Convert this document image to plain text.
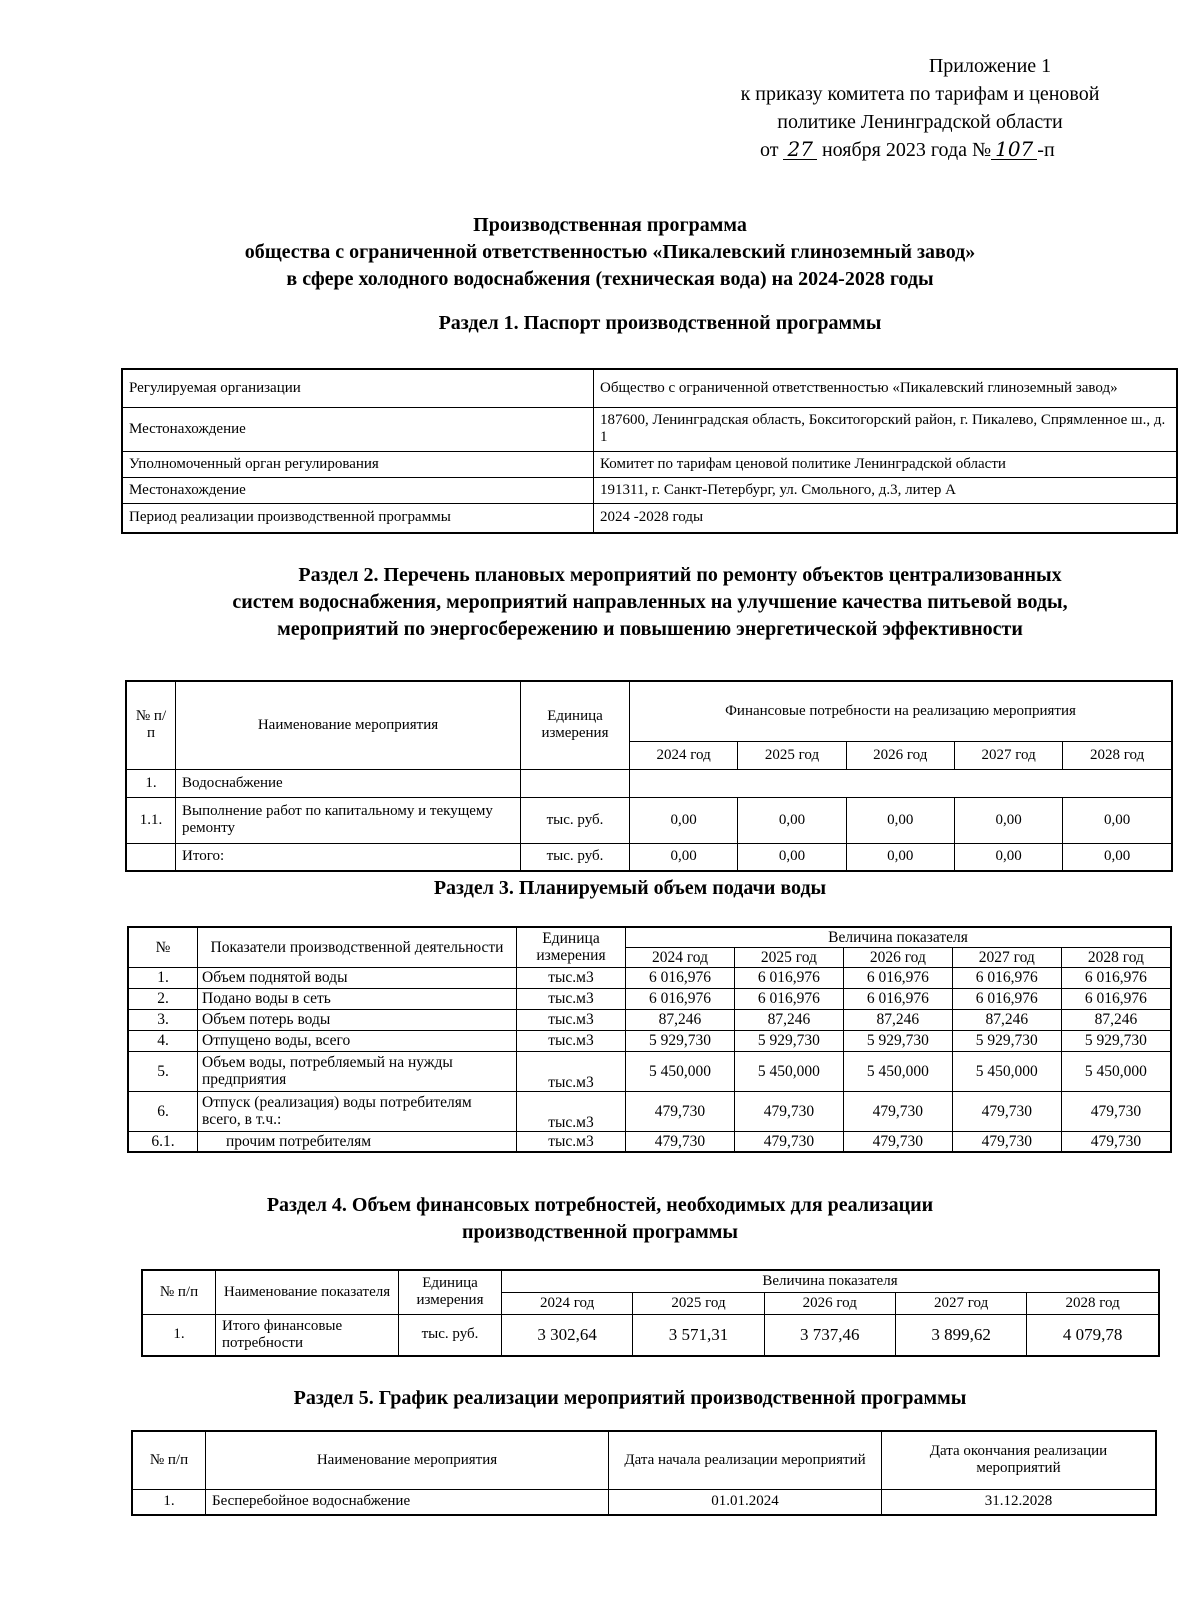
Приложение 1
к приказу комитета по тарифам и ценовой
политике Ленинградской области
от 27 ноября 2023 года № 107 -п
Производственная программа
общества с ограниченной ответственностью «Пикалевский глиноземный завод»
в сфере холодного водоснабжения (техническая вода) на 2024-2028 годы
Раздел 1. Паспорт производственной программы
Регулируемая организации	Общество с ограниченной ответственностью «Пикалевский глиноземный завод»
Местонахождение	187600, Ленинградская область, Бокситогорский район, г. Пикалево, Спрямленное ш., д. 1
Уполномоченный орган регулирования	Комитет по тарифам ценовой политике Ленинградской области
Местонахождение	191311, г. Санкт-Петербург, ул. Смольного, д.3, литер А
Период реализации производственной программы	2024 -2028 годы
Раздел 2. Перечень плановых мероприятий по ремонту объектов централизованных
систем водоснабжения, мероприятий направленных на улучшение качества питьевой воды,
мероприятий по энергосбережению и повышению энергетической эффективности
№ п/п	Наименование мероприятия	Единица измерения	Финансовые потребности на реализацию мероприятия				
			2024 год	2025 год	2026 год	2027 год	2028 год
1.	Водоснабжение						
1.1.	Выполнение работ по капитальному и текущему ремонту	тыс. руб.	0,00	0,00	0,00	0,00	0,00
	Итого:	тыс. руб.	0,00	0,00	0,00	0,00	0,00
Раздел 3. Планируемый объем подачи воды
№	Показатели производственной деятельности	Единица измерения	Величина показателя				
			2024 год	2025 год	2026 год	2027 год	2028 год
1.	Объем поднятой воды	тыс.м3	6 016,976	6 016,976	6 016,976	6 016,976	6 016,976
2.	Подано воды в сеть	тыс.м3	6 016,976	6 016,976	6 016,976	6 016,976	6 016,976
3.	Объем потерь воды	тыс.м3	87,246	87,246	87,246	87,246	87,246
4.	Отпущено воды, всего	тыс.м3	5 929,730	5 929,730	5 929,730	5 929,730	5 929,730
5.	Объем воды, потребляемый на нужды предприятия	тыс.м3	5 450,000	5 450,000	5 450,000	5 450,000	5 450,000
6.	Отпуск (реализация) воды потребителям всего, в т.ч.:	тыс.м3	479,730	479,730	479,730	479,730	479,730
6.1.	прочим потребителям	тыс.м3	479,730	479,730	479,730	479,730	479,730
Раздел 4. Объем финансовых потребностей, необходимых для реализации
производственной программы
№ п/п	Наименование показателя	Единица измерения	Величина показателя				
			2024 год	2025 год	2026 год	2027 год	2028 год
1.	Итого финансовые потребности	тыс. руб.	3 302,64	3 571,31	3 737,46	3 899,62	4 079,78
Раздел 5. График реализации мероприятий производственной программы
№ п/п	Наименование мероприятия	Дата начала реализации мероприятий	Дата окончания реализации мероприятий
1.	Бесперебойное водоснабжение	01.01.2024	31.12.2028
